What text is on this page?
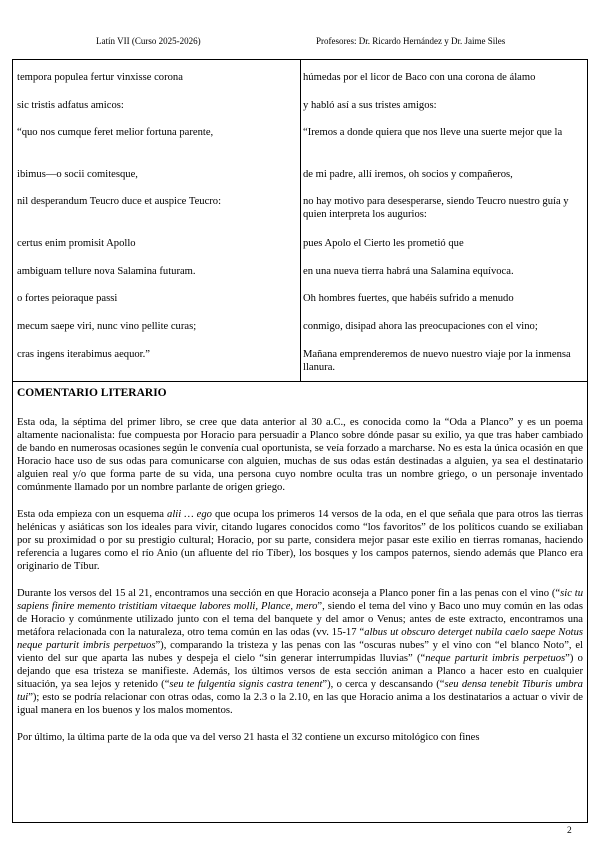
Latín VII (Curso 2025-2026)	Profesores: Dr. Ricardo Hernández y Dr. Jaime Siles
tempora populea fertur vinxisse corona	húmedas por el licor de Baco con una corona de álamo
sic tristis adfatus amicos:	y habló así a sus tristes amigos:
“quo nos cumque feret melior fortuna parente,	“Iremos a donde quiera que nos lleve una suerte mejor que la
ibimus—o socii comitesque,	de mi padre, allí iremos, oh socios y compañeros,
nil desperandum Teucro duce et auspice Teucro:	no hay motivo para desesperarse, siendo Teucro nuestro guía y quien interpreta los augurios:
certus enim promisit Apollo	pues Apolo el Cierto les prometió que
ambiguam tellure nova Salamina futuram.	en una nueva tierra habrá una Salamina equívoca.
o fortes peioraque passi	Oh hombres fuertes, que habéis sufrido a menudo
mecum saepe viri, nunc vino pellite curas;	conmigo, disipad ahora las preocupaciones con el vino;
cras ingens iterabimus aequor.”	Mañana emprenderemos de nuevo nuestro viaje por la inmensa llanura.
COMENTARIO LITERARIO

Esta oda, la séptima del primer libro, se cree que data anterior al 30 a.C., es conocida como la “Oda a Planco” y es un poema altamente nacionalista: fue compuesta por Horacio para persuadir a Planco sobre dónde pasar su exilio, ya que tras haber cambiado de bando en numerosas ocasiones según le convenía cual oportunista, se veía forzado a marcharse. No es esta la única ocasión en que Horacio hace uso de sus odas para comunicarse con alguien, muchas de sus odas están destinadas a alguien, ya sea el destinatario alguien real y/o que forma parte de su vida, una persona cuyo nombre oculta tras un nombre griego, o un personaje inventado comúnmente llamado por un nombre parlante de origen griego.

Esta oda empieza con un esquema alii … ego que ocupa los primeros 14 versos de la oda, en el que señala que para otros las tierras helénicas y asiáticas son los ideales para vivir, citando lugares conocidos como “los favoritos” de los políticos cuando se exiliaban por su proximidad o por su prestigio cultural; Horacio, por su parte, considera mejor pasar este exilio en tierras romanas, haciendo referencia a lugares como el río Anio (un afluente del río Tíber), los bosques y los campos paternos, siendo además que Planco era originario de Tíbur.

Durante los versos del 15 al 21, encontramos una sección en que Horacio aconseja a Planco poner fin a las penas con el vino (“sic tu sapiens finire memento tristitiam vitaeque labores molli, Plance, mero”, siendo el tema del vino y Baco uno muy común en las odas de Horacio y comúnmente utilizado junto con el tema del banquete y del amor o Venus; antes de este extracto, encontramos una metáfora relacionada con la naturaleza, otro tema común en las odas (vv. 15-17 “albus ut obscuro deterget nubila caelo saepe Notus neque parturit imbris perpetuos”), comparando la tristeza y las penas con las “oscuras nubes” y el vino con “el blanco Noto”, el viento del sur que aparta las nubes y despeja el cielo “sin generar interrumpidas lluvias” (“neque parturit imbris perpetuos”) o dejando que esa tristeza se manifieste. Además, los últimos versos de esta sección animan a Planco a hacer esto en cualquier situación, ya sea lejos y retenido (“seu te fulgentia signis castra tenent”), o cerca y descansando (“seu densa tenebit Tiburis umbra tui”); esto se podría relacionar con otras odas, como la 2.3 o la 2.10, en las que Horacio anima a los destinatarios a actuar o vivir de igual manera en los buenos y los malos momentos.

Por último, la última parte de la oda que va del verso 21 hasta el 32 contiene un excurso mitológico con fines

2
